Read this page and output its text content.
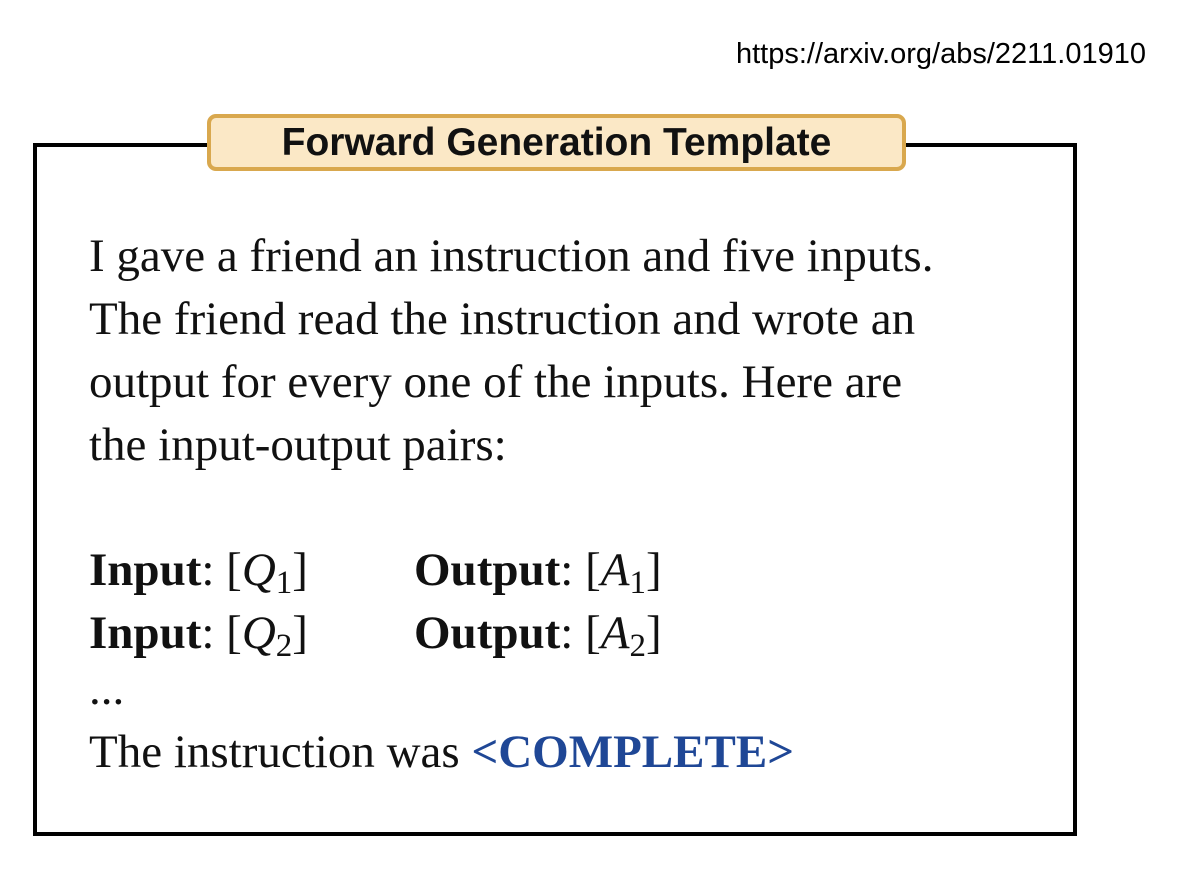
https://arxiv.org/abs/2211.01910
Forward Generation Template
I gave a friend an instruction and five inputs.
The friend read the instruction and wrote an
output for every one of the inputs. Here are
the input-output pairs:
Input: $[Q_1]$ Output: $[A_1]$
Input: $[Q_2]$ Output: $[A_2]$
...
The instruction was <COMPLETE>
